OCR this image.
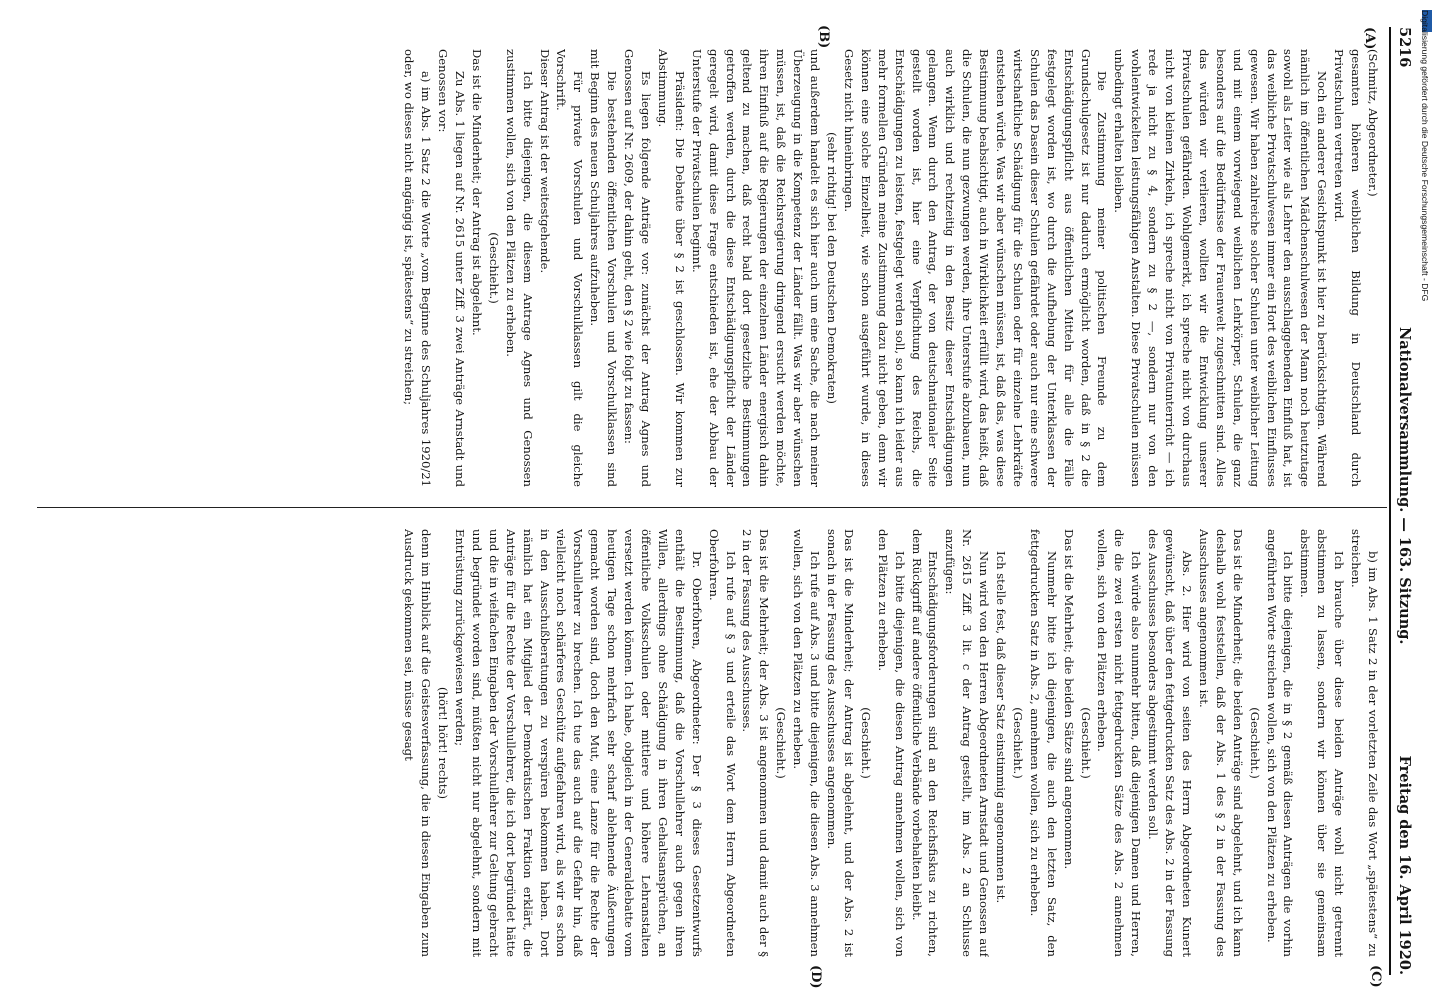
5216
Nationalversammlung. — 163. Sitzung.
Freitag den 16. April 1920.
(A)
(B)
(C)
(D)

(Schmitz, Abgeordneter.)

gesamten höheren weiblichen Bildung in Deutschland durch Privatschulen vertreten wird.

Noch ein anderer Gesichtspunkt ist hier zu berücksichtigen. Während nämlich im öffentlichen Mädchenschulwesen der Mann noch heutzutage sowohl als Leiter wie als Lehrer den ausschlaggebenden Einfluß hat, ist das weibliche Privatschulwesen immer ein Hort des weiblichen Einflusses gewesen. Wir haben zahlreiche solcher Schulen unter weiblicher Leitung und mit einem vorwiegend weiblichen Lehrkörper, Schulen, die ganz besonders auf die Bedürfnisse der Frauenwelt zugeschnitten sind. Alles das würden wir verlieren, wollten wir die Entwicklung unserer Privatschulen gefährden. Wohlgemerkt, ich spreche nicht von durchaus nicht von kleinen Zirkeln, ich spreche nicht von Privatunterricht — ich rede ja nicht zu § 4, sondern zu § 2 —, sondern nur von den wohlentwickelten leistungsfähigen Anstalten. Diese Privatschulen müssen unbedingt erhalten bleiben.

Die Zustimmung meiner politischen Freunde zu dem Grundschulgesetz ist nur dadurch ermöglicht worden, daß in § 2 die Entschädigungspflicht aus öffentlichen Mitteln für alle die Fälle festgelegt worden ist, wo durch die Aufhebung der Unterklassen der Schulen das Dasein dieser Schulen gefährdet oder auch nur eine schwere wirtschaftliche Schädigung für die Schulen oder für einzelne Lehrkräfte entstehen würde. Was wir aber wünschen müssen, ist, daß das, was diese Bestimmung beabsichtigt, auch in Wirklichkeit erfüllt wird, das heißt, daß die Schulen, die nun gezwungen werden, ihre Unterstufe abzubauen, nun auch wirklich und rechtzeitig in den Besitz dieser Entschädigungen gelangen. Wenn durch den Antrag, der von deutschnationaler Seite gestellt worden ist, hier eine Verpflichtung des Reichs, die Entschädigungen zu leisten, festgelegt werden soll, so kann ich leider aus mehr formellen Gründen meine Zustimmung dazu nicht geben, denn wir können eine solche Einzelheit, wie schon ausgeführt wurde, in dieses Gesetz nicht hineinbringen.

(sehr richtig! bei den Deutschen Demokraten)

und außerdem handelt es sich hier auch um eine Sache, die nach meiner Überzeugung in die Kompetenz der Länder fällt. Was wir aber wünschen müssen, ist, daß die Reichsregierung dringend ersucht werden möchte, ihren Einfluß auf die Regierungen der einzelnen Länder energisch dahin geltend zu machen, daß recht bald dort gesetzliche Bestimmungen getroffen werden, durch die diese Entschädigungspflicht der Länder geregelt wird, damit diese Frage entschieden ist, ehe der Abbau der Unterstufe der Privatschulen beginnt.

Präsident: Die Debatte über § 2 ist geschlossen. Wir kommen zur Abstimmung.

Es liegen folgende Anträge vor: zunächst der Antrag Agnes und Genossen auf Nr. 2609, der dahin geht, den § 2 wie folgt zu fassen:

Die bestehenden öffentlichen Vorschulen und Vorschulklassen sind mit Beginn des neuen Schuljahres aufzuheben.

Für private Vorschulen und Vorschulklassen gilt die gleiche Vorschrift.

Dieser Antrag ist der weitestgehende.

Ich bitte diejenigen, die diesem Antrage Agnes und Genossen zustimmen wollen, sich von den Plätzen zu erheben.

(Geschieht.)

Das ist die Minderheit; der Antrag ist abgelehnt.

Zu Abs. 1 liegen auf Nr. 2615 unter Ziff. 3 zwei Anträge Arnstadt und Genossen vor:

a) im Abs. 1 Satz 2 die Worte „vom Beginne des Schuljahres 1920/21 oder, wo dieses nicht angängig ist, spätestens“ zu streichen;

b) im Abs. 1 Satz 2 in der vorletzten Zeile das Wort „spätestens“ zu streichen.

Ich brauche über diese beiden Anträge wohl nicht getrennt abstimmen zu lassen, sondern wir können über sie gemeinsam abstimmen.

Ich bitte diejenigen, die in § 2 gemäß diesen Anträgen die vorhin angeführten Worte streichen wollen, sich von den Plätzen zu erheben.

(Geschieht.)

Das ist die Minderheit; die beiden Anträge sind abgelehnt, und ich kann deshalb wohl feststellen, daß der Abs. 1 des § 2 in der Fassung des Ausschusses angenommen ist.

Abs. 2. Hier wird von seiten des Herrn Abgeordneten Kunert gewünscht, daß über den fettgedruckten Satz des Abs. 2 in der Fassung des Ausschusses besonders abgestimmt werden soll.

Ich würde also nunmehr bitten, daß diejenigen Damen und Herren, die die zwei ersten nicht fettgedruckten Sätze des Abs. 2 annehmen wollen, sich von den Plätzen erheben.

(Geschieht.)

Das ist die Mehrheit; die beiden Sätze sind angenommen.

Nunmehr bitte ich diejenigen, die auch den letzten Satz, den fettgedruckten Satz in Abs. 2, annehmen wollen, sich zu erheben.

(Geschieht.)

Ich stelle fest, daß dieser Satz einstimmig angenommen ist.

Nun wird von den Herren Abgeordneten Arnstadt und Genossen auf Nr. 2615 Ziff. 3 lit. c der Antrag gestellt, im Abs. 2 an Schlusse anzufügen:

Entschädigungsforderungen sind an den Reichsfiskus zu richten, dem Rückgriff auf andere öffentliche Verbände vorbehalten bleibt.

Ich bitte diejenigen, die diesen Antrag annehmen wollen, sich von den Plätzen zu erheben.

(Geschieht.)

Das ist die Minderheit; der Antrag ist abgelehnt, und der Abs. 2 ist sonach in der Fassung des Ausschusses angenommen.

Ich rufe auf Abs. 3 und bitte diejenigen, die diesen Abs. 3 annehmen wollen, sich von den Plätzen zu erheben.

(Geschieht.)

Das ist die Mehrheit; der Abs. 3 ist angenommen und damit auch der § 2 in der Fassung des Ausschusses.

Ich rufe auf § 3 und erteile das Wort dem Herrn Abgeordneten Oberfohren.

Dr. Oberfohren, Abgeordneter: Der § 3 dieses Gesetzentwurfs enthält die Bestimmung, daß die Vorschullehrer auch gegen ihren Willen, allerdings ohne Schädigung in ihren Gehaltsansprüchen, an öffentliche Volksschulen oder mittlere und höhere Lehranstalten versetzt werden können. Ich habe, obgleich in der Generaldebatte vom heutigen Tage schon mehrfach sehr scharf ablehnende Äußerungen gemacht worden sind, doch den Mut, eine Lanze für die Rechte der Vorschullehrer zu brechen. Ich tue das auch auf die Gefahr hin, daß vielleicht noch schärferes Geschütz aufgefahren wird, als wir es schon in den Ausschußberatungen zu verspüren bekommen haben. Dort nämlich hat ein Mitglied der Demokratischen Fraktion erklärt, die Anträge für die Rechte der Vorschullehrer, die ich dort begründet hätte und die in vielfachen Eingaben der Vorschullehrer zur Geltung gebracht und begründet worden sind, müßten nicht nur abgelehnt, sondern mit Entrüstung zurückgewiesen werden;

(hört! hört! rechts)

denn im Hinblick auf die Geistesverfassung, die in diesen Eingaben zum Ausdruck gekommen sei, müsse gesagt

Digitalisierung gefördert durch die Deutsche Forschungsgemeinschaft - DFG
